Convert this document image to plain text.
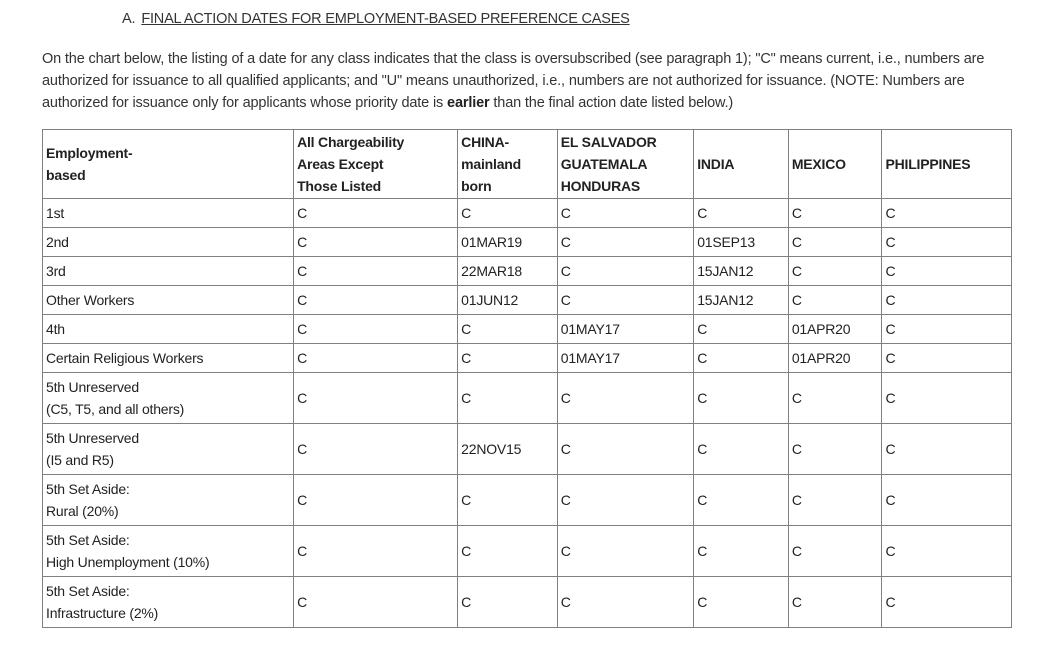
A. FINAL ACTION DATES FOR EMPLOYMENT-BASED PREFERENCE CASES
On the chart below, the listing of a date for any class indicates that the class is oversubscribed (see paragraph 1); "C" means current, i.e., numbers are authorized for issuance to all qualified applicants; and "U" means unauthorized, i.e., numbers are not authorized for issuance. (NOTE: Numbers are authorized for issuance only for applicants whose priority date is earlier than the final action date listed below.)
Employment-
based	All Chargeability
Areas Except
Those Listed	CHINA-
mainland
born	EL SALVADOR
GUATEMALA
HONDURAS	INDIA	MEXICO	PHILIPPINES
1st	C	C	C	C	C	C
2nd	C	01MAR19	C	01SEP13	C	C
3rd	C	22MAR18	C	15JAN12	C	C
Other Workers	C	01JUN12	C	15JAN12	C	C
4th	C	C	01MAY17	C	01APR20	C
Certain Religious Workers	C	C	01MAY17	C	01APR20	C
5th Unreserved
(C5, T5, and all others)	C	C	C	C	C	C
5th Unreserved
(I5 and R5)	C	22NOV15	C	C	C	C
5th Set Aside:
Rural (20%)	C	C	C	C	C	C
5th Set Aside:
High Unemployment (10%)	C	C	C	C	C	C
5th Set Aside:
Infrastructure (2%)	C	C	C	C	C	C
